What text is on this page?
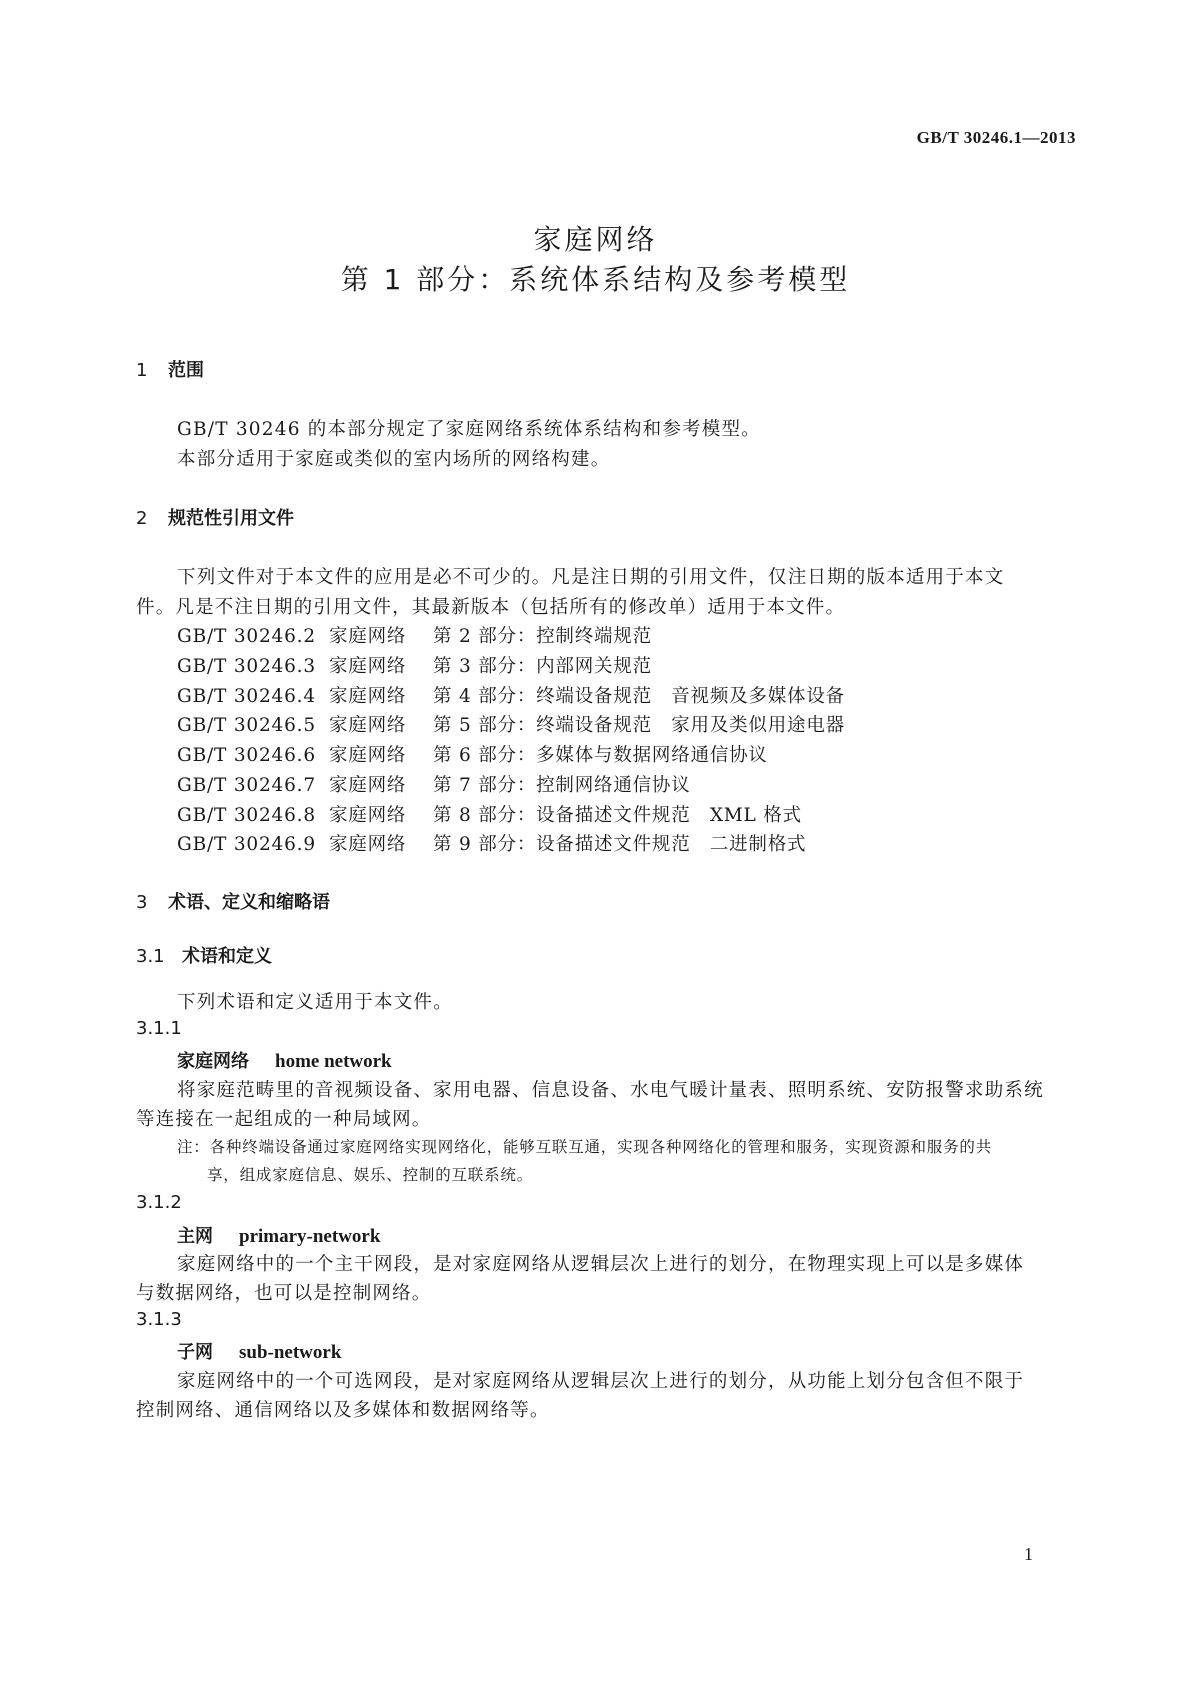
GB/T 30246.1—2013
家庭网络
第 1 部分：系统体系结构及参考模型
1 范围
GB/T 30246 的本部分规定了家庭网络系统体系结构和参考模型。
本部分适用于家庭或类似的室内场所的网络构建。
2 规范性引用文件
下列文件对于本文件的应用是必不可少的。凡是注日期的引用文件，仅注日期的版本适用于本文
件。凡是不注日期的引用文件，其最新版本（包括所有的修改单）适用于本文件。
GB/T 30246.2 家庭网络 第 2 部分：控制终端规范
GB/T 30246.3 家庭网络 第 3 部分：内部网关规范
GB/T 30246.4 家庭网络 第 4 部分：终端设备规范　音视频及多媒体设备
GB/T 30246.5 家庭网络 第 5 部分：终端设备规范　家用及类似用途电器
GB/T 30246.6 家庭网络 第 6 部分：多媒体与数据网络通信协议
GB/T 30246.7 家庭网络 第 7 部分：控制网络通信协议
GB/T 30246.8 家庭网络 第 8 部分：设备描述文件规范　XML 格式
GB/T 30246.9 家庭网络 第 9 部分：设备描述文件规范　二进制格式
3 术语、定义和缩略语
3.1 术语和定义
下列术语和定义适用于本文件。
3.1.1
家庭网络 home network
将家庭范畴里的音视频设备、家用电器、信息设备、水电气暖计量表、照明系统、安防报警求助系统
等连接在一起组成的一种局域网。
注：各种终端设备通过家庭网络实现网络化，能够互联互通，实现各种网络化的管理和服务，实现资源和服务的共
享，组成家庭信息、娱乐、控制的互联系统。
3.1.2
主网 primary-network
家庭网络中的一个主干网段，是对家庭网络从逻辑层次上进行的划分，在物理实现上可以是多媒体
与数据网络，也可以是控制网络。
3.1.3
子网 sub-network
家庭网络中的一个可选网段，是对家庭网络从逻辑层次上进行的划分，从功能上划分包含但不限于
控制网络、通信网络以及多媒体和数据网络等。
1
